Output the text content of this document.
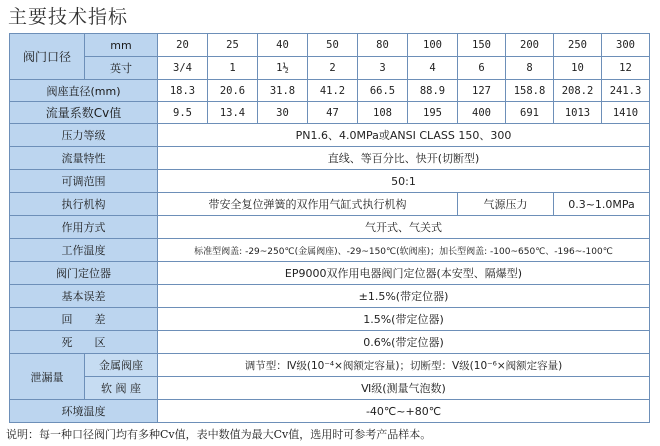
主要技术指标
阀门口径	mm	20	25	40	50	80	100	150	200	250	300
	英寸	3/4	1	1½	2	3	4	6	8	10	12
阀座直径(mm)		18.3	20.6	31.8	41.2	66.5	88.9	127	158.8	208.2	241.3
流量系数Cv值		9.5	13.4	30	47	108	195	400	691	1013	1410
压力等级		PN1.6、4.0MPa或ANSI CLASS 150、300									
流量特性		直线、等百分比、快开(切断型)									
可调范围		50:1									
执行机构		带安全复位弹簧的双作用气缸式执行机构						气源压力		0.3~1.0MPa	
作用方式		气开式、气关式									
工作温度		标准型阀盖: -29~250℃(金属阀座)、-29~150℃(软阀座)；加长型阀盖: -100~650℃、-196~-100℃									
阀门定位器		EP9000双作用电器阀门定位器(本安型、隔爆型)									
基本误差		±1.5%(带定位器)									
回　　差		1.5%(带定位器)									
死　　区		0.6%(带定位器)									
泄漏量	金属阀座	调节型：Ⅳ级(10⁻⁴×阀额定容量)；切断型：Ⅴ级(10⁻⁶×阀额定容量)									
	软 阀 座	Ⅵ级(测量气泡数)									
环境温度		-40℃~+80℃									
说明：每一种口径阀门均有多种Cv值，表中数值为最大Cv值，选用时可参考产品样本。
